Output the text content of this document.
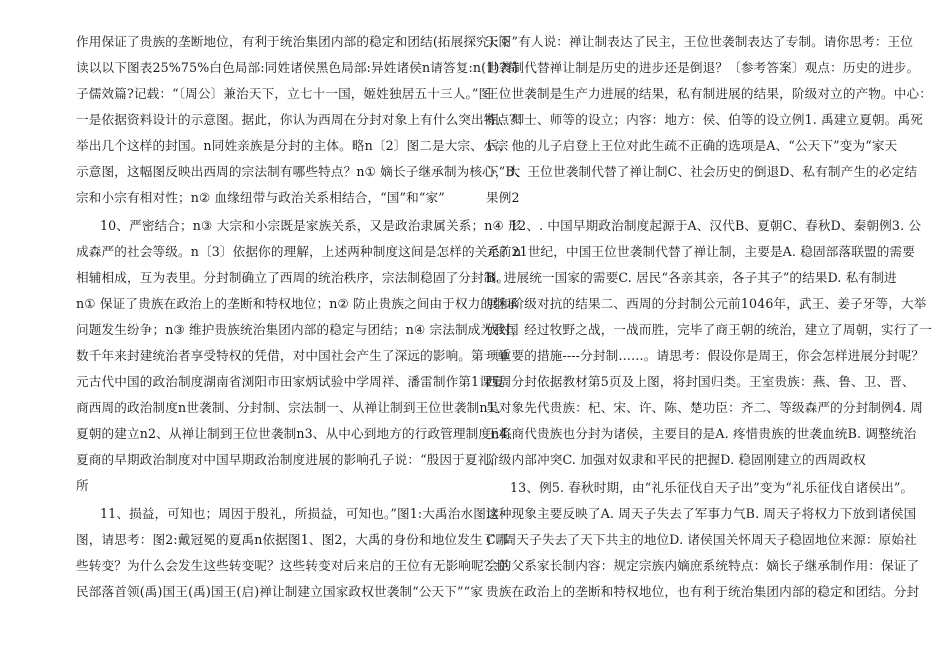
作用保证了贵族的垄断地位，有利于统治集团内部的稳定和团结(拓展探究):阅
读以以下图表25%75%白色局部:同姓诸侯黑色局部:异姓诸侯n请答复:n(1)?荀
子儒效篇?记载：“〔周公〕兼治天下，立七十一国，姬姓独居五十三人。”图
一是依据资料设计的示意图。据此，你认为西周在分封对象上有什么突出特点？
举出几个这样的封国。n同姓亲族是分封的主体。略n〔2〕图二是大宗、小宗
示意图，这幅图反映出西周的宗法制有哪些特点？n① 嫡长子继承制为核心，大
宗和小宗有相对性；n② 血缘纽带与政治关系相结合，“国”和“家”
10、严密结合；n③ 大宗和小宗既是家族关系，又是政治隶属关系；n④ 形
成森严的社会等级。n〔3〕依据你的理解，上述两种制度这间是怎样的关系？n
相辅相成，互为表里。分封制确立了西周的统治秩序，宗法制稳固了分封制。
n① 保证了贵族在政治上的垄断和特权地位；n② 防止贵族之间由于权力的继承
问题发生纷争；n③ 维护贵族统治集团内部的稳定与团结；n④ 宗法制成为我国
数千年来封建统治者享受特权的凭借，对中国社会产生了深远的影响。第一单
元古代中国的政治制度湖南省浏阳市田家炳试验中学周祥、潘雷制作第1课夏
商西周的政治制度n世袭制、分封制、宗法制一、从禅让制到王位世袭制n1、
夏朝的建立n2、从禅让制到王位世袭制n3、从中心到地方的行政管理制度n4、
夏商的早期政治制度对中国早期政治制度进展的影响孔子说：“殷因于夏礼，
所
11、损益，可知也；周因于殷礼，所损益，可知也。”图1:大禹治水图读
图，请思考：图2:戴冠冕的夏禹n依据图1、图2，大禹的身份和地位发生了哪
些转变？为什么会发生这些转变呢？这些转变对后来启的王位有无影响呢？臣
民部落首领(禹)国王(禹)国王(启)禅让制建立国家政权世袭制“公天下”“家
天下”有人说：禅让制表达了民主，王位世袭制表达了专制。请你思考：王位
世袭制代替禅让制是历史的进步还是倒退？〔参考答案〕观点：历史的进步。
王位世袭制是生产力进展的结果，私有制进展的结果，阶级对立的产物。中心：
相、卿士、师等的设立；内容：地方：侯、伯等的设立例1. 禹建立夏朝。禹死
后，他的儿子启登上王位对此生疏不正确的选项是A、“公天下”变为“家天
下”B、王位世袭制代替了禅让制C、社会历史的倒退D、私有制产生的必定结
果例2
12、. 中国早期政治制度起源于A、汉代B、夏朝C、春秋D、秦朝例3. 公
元前21世纪，中国王位世袭制代替了禅让制，主要是A. 稳固部落联盟的需要
B. 进展统一国家的需要C. 居民“各亲其亲，各子其子”的结果D. 私有制进
展和阶级对抗的结果二、西周的分封制公元前1046年，武王、姜子牙等，大举
伐纣，经过牧野之战，一战而胜，完毕了商王朝的统治，建立了周朝，实行了一
项重要的措施----分封制……。请思考：假设你是周王，你会怎样进展分封呢？
西周分封依据教材第5页及上图，将封国归类。王室贵族：燕、鲁、卫、晋、
吴对象先代贵族：杞、宋、许、陈、楚功臣：齐二、等级森严的分封制例4. 周
王将商代贵族也分封为诸侯，主要目的是A. 疼惜贵族的世袭血统B. 调整统治
阶级内部冲突C. 加强对奴隶和平民的把握D. 稳固刚建立的西周政权
13、例5. 春秋时期，由“礼乐征伐自天子出”变为“礼乐征伐自诸侯出”。
这种现象主要反映了A. 周天子失去了军事力气B. 周天子将权力下放到诸侯国
C. 周天子失去了天下共主的地位D. 诸侯国关怀周天子稳固地位来源：原始社
会的父系家长制内容：规定宗族内嫡庶系统特点：嫡长子继承制作用：保证了
贵族在政治上的垄断和特权地位，也有利于统治集团内部的稳定和团结。分封
